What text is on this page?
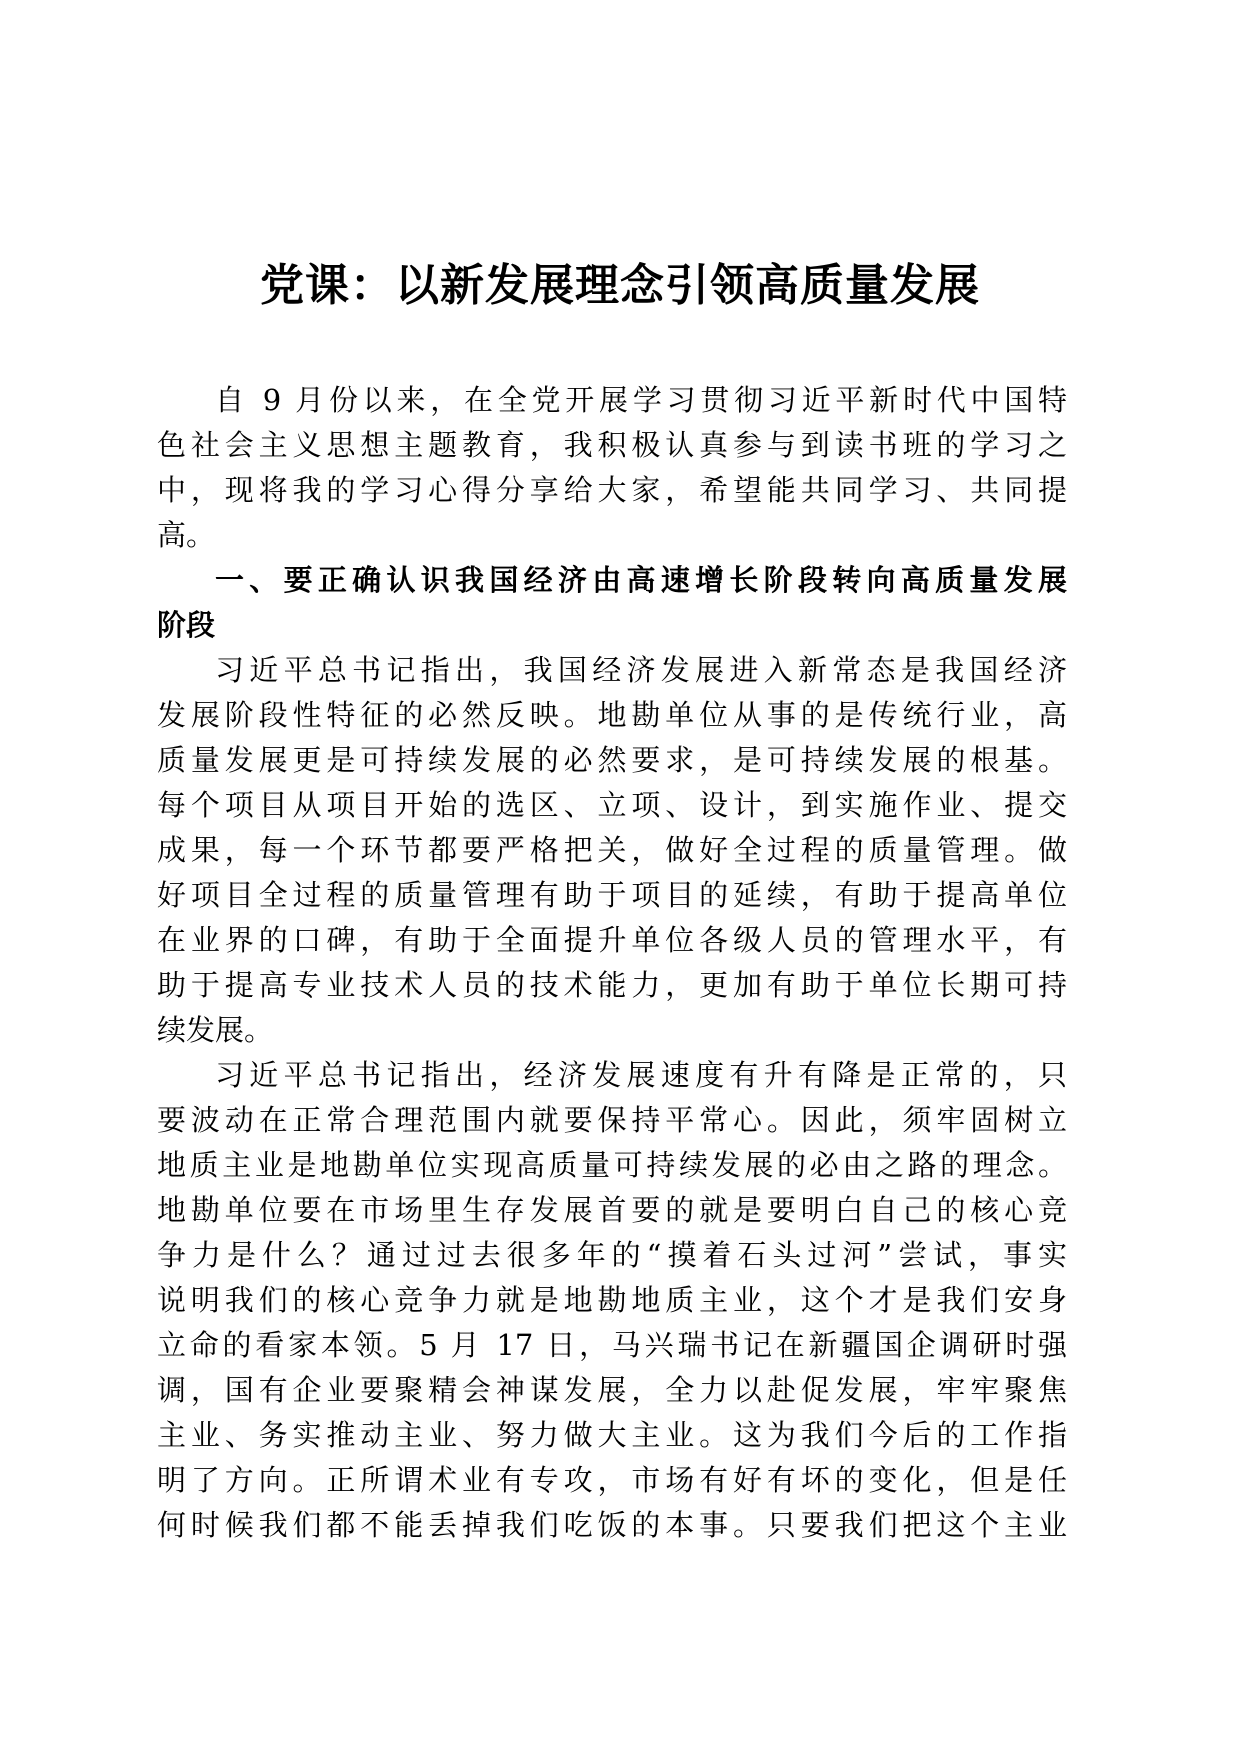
党课：以新发展理念引领高质量发展
自 9 月份以来，在全党开展学习贯彻习近平新时代中国特
色社会主义思想主题教育，我积极认真参与到读书班的学习之
中，现将我的学习心得分享给大家，希望能共同学习、共同提
高。
一、要正确认识我国经济由高速增长阶段转向高质量发展
阶段
习近平总书记指出，我国经济发展进入新常态是我国经济
发展阶段性特征的必然反映。地勘单位从事的是传统行业，高
质量发展更是可持续发展的必然要求，是可持续发展的根基。
每个项目从项目开始的选区、立项、设计，到实施作业、提交
成果，每一个环节都要严格把关，做好全过程的质量管理。做
好项目全过程的质量管理有助于项目的延续，有助于提高单位
在业界的口碑，有助于全面提升单位各级人员的管理水平，有
助于提高专业技术人员的技术能力，更加有助于单位长期可持
续发展。
习近平总书记指出，经济发展速度有升有降是正常的，只
要波动在正常合理范围内就要保持平常心。因此，须牢固树立
地质主业是地勘单位实现高质量可持续发展的必由之路的理念。
地勘单位要在市场里生存发展首要的就是要明白自己的核心竞
争力是什么？通过过去很多年的“摸着石头过河”尝试，事实
说明我们的核心竞争力就是地勘地质主业，这个才是我们安身
立命的看家本领。5 月 17 日，马兴瑞书记在新疆国企调研时强
调，国有企业要聚精会神谋发展，全力以赴促发展，牢牢聚焦
主业、务实推动主业、努力做大主业。这为我们今后的工作指
明了方向。正所谓术业有专攻，市场有好有坏的变化，但是任
何时候我们都不能丢掉我们吃饭的本事。只要我们把这个主业
